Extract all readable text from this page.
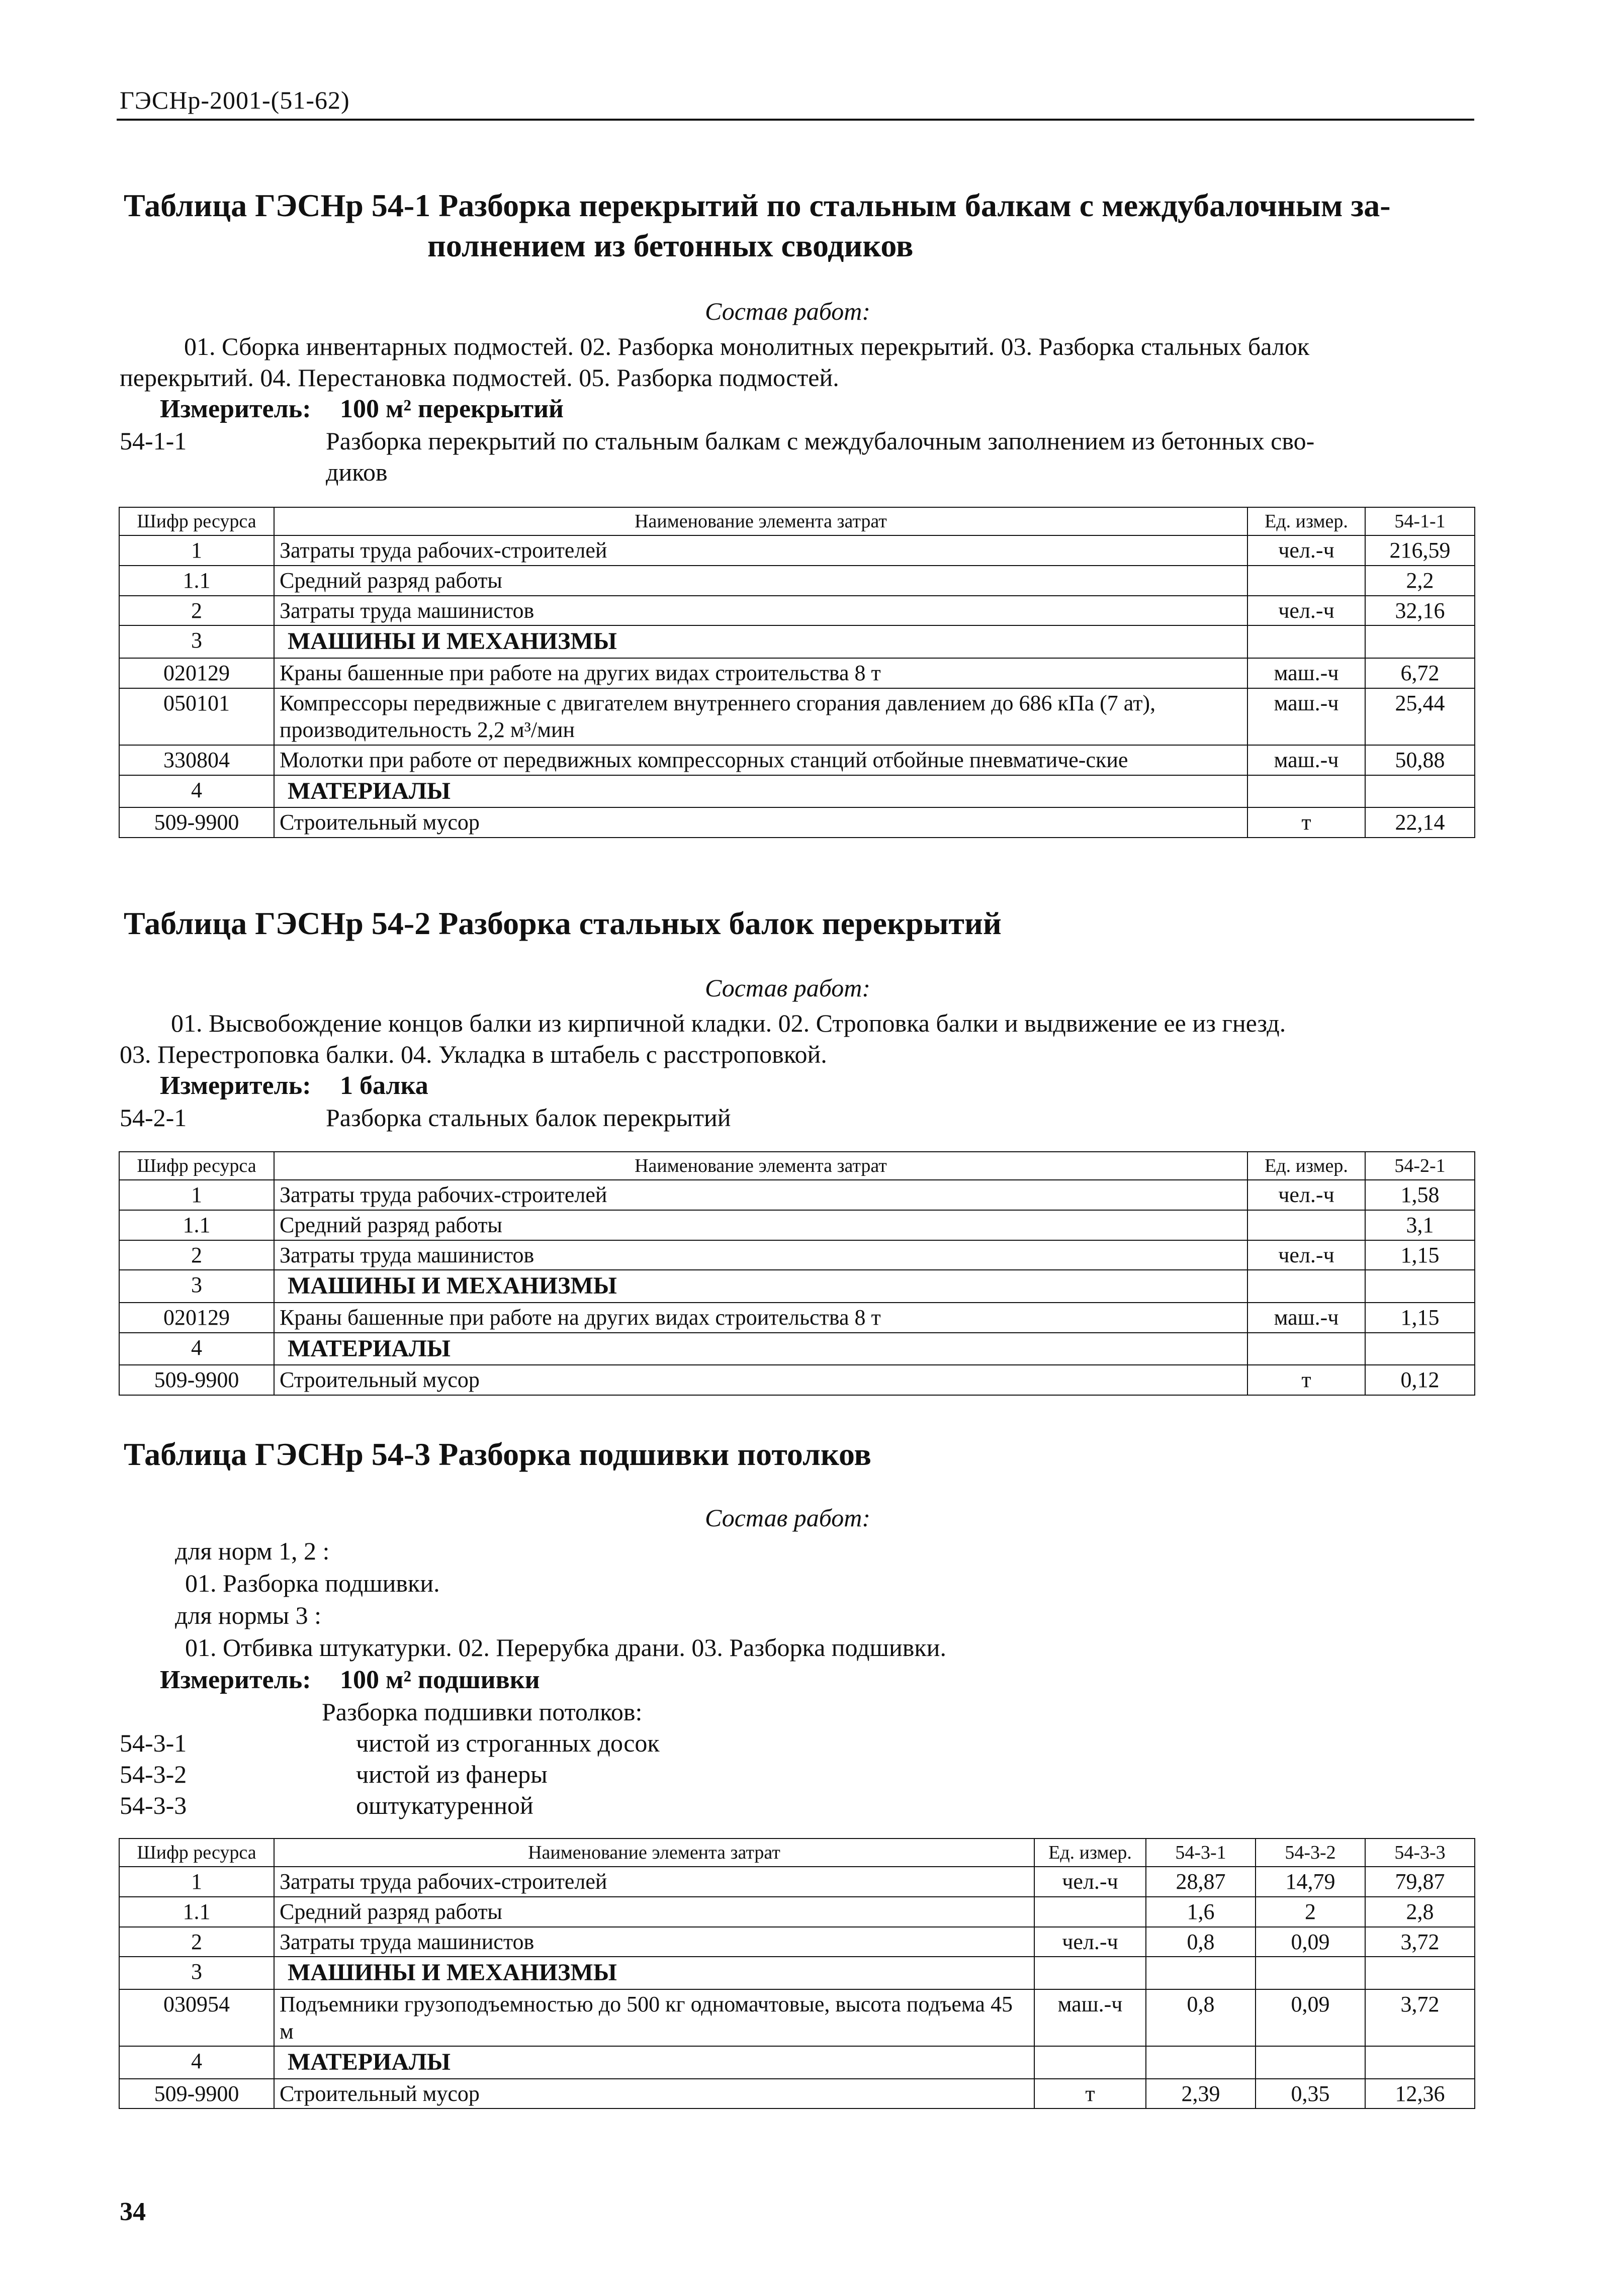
ГЭСНр-2001-(51-62)
Таблица ГЭСНр 54-1 Разборка перекрытий по стальным балкам с междубалочным за-
полнением из бетонных сводиков
Состав работ:
01. Сборка инвентарных подмостей. 02. Разборка монолитных перекрытий. 03. Разборка стальных балок
перекрытий. 04. Перестановка подмостей. 05. Разборка подмостей.
Измеритель: 100 м² перекрытий
54-1-1	Разборка перекрытий по стальным балкам с междубалочным заполнением из бетонных сво-
диков
Шифр ресурса	Наименование элемента затрат	Ед. измер.	54-1-1
1	Затраты труда рабочих-строителей	чел.-ч	216,59
1.1	Средний разряд работы		2,2
2	Затраты труда машинистов	чел.-ч	32,16
3	МАШИНЫ И МЕХАНИЗМЫ		
020129	Краны башенные при работе на других видах строительства 8 т	маш.-ч	6,72
050101	Компрессоры передвижные с двигателем внутреннего сгорания давлением до 686 кПа (7 ат), производительность 2,2 м³/мин	маш.-ч	25,44
330804	Молотки при работе от передвижных компрессорных станций отбойные пневматиче-ские	маш.-ч	50,88
4	МАТЕРИАЛЫ		
509-9900	Строительный мусор	т	22,14
Таблица ГЭСНр 54-2 Разборка стальных балок перекрытий
Состав работ:
01. Высвобождение концов балки из кирпичной кладки. 02. Строповка балки и выдвижение ее из гнезд.
03. Перестроповка балки. 04. Укладка в штабель с расстроповкой.
Измеритель: 1 балка
54-2-1	Разборка стальных балок перекрытий
Шифр ресурса	Наименование элемента затрат	Ед. измер.	54-2-1
1	Затраты труда рабочих-строителей	чел.-ч	1,58
1.1	Средний разряд работы		3,1
2	Затраты труда машинистов	чел.-ч	1,15
3	МАШИНЫ И МЕХАНИЗМЫ		
020129	Краны башенные при работе на других видах строительства 8 т	маш.-ч	1,15
4	МАТЕРИАЛЫ		
509-9900	Строительный мусор	т	0,12
Таблица ГЭСНр 54-3 Разборка подшивки потолков
Состав работ:
для норм 1, 2 :
01. Разборка подшивки.
для нормы 3 :
01. Отбивка штукатурки. 02. Перерубка драни. 03. Разборка подшивки.
Измеритель: 100 м² подшивки
Разборка подшивки потолков:
54-3-1	чистой из строганных досок
54-3-2	чистой из фанеры
54-3-3	оштукатуренной
Шифр ресурса	Наименование элемента затрат	Ед. измер.	54-3-1	54-3-2	54-3-3
1	Затраты труда рабочих-строителей	чел.-ч	28,87	14,79	79,87
1.1	Средний разряд работы		1,6	2	2,8
2	Затраты труда машинистов	чел.-ч	0,8	0,09	3,72
3	МАШИНЫ И МЕХАНИЗМЫ				
030954	Подъемники грузоподъемностью до 500 кг одномачтовые, высота подъема 45 м	маш.-ч	0,8	0,09	3,72
4	МАТЕРИАЛЫ				
509-9900	Строительный мусор	т	2,39	0,35	12,36
34
